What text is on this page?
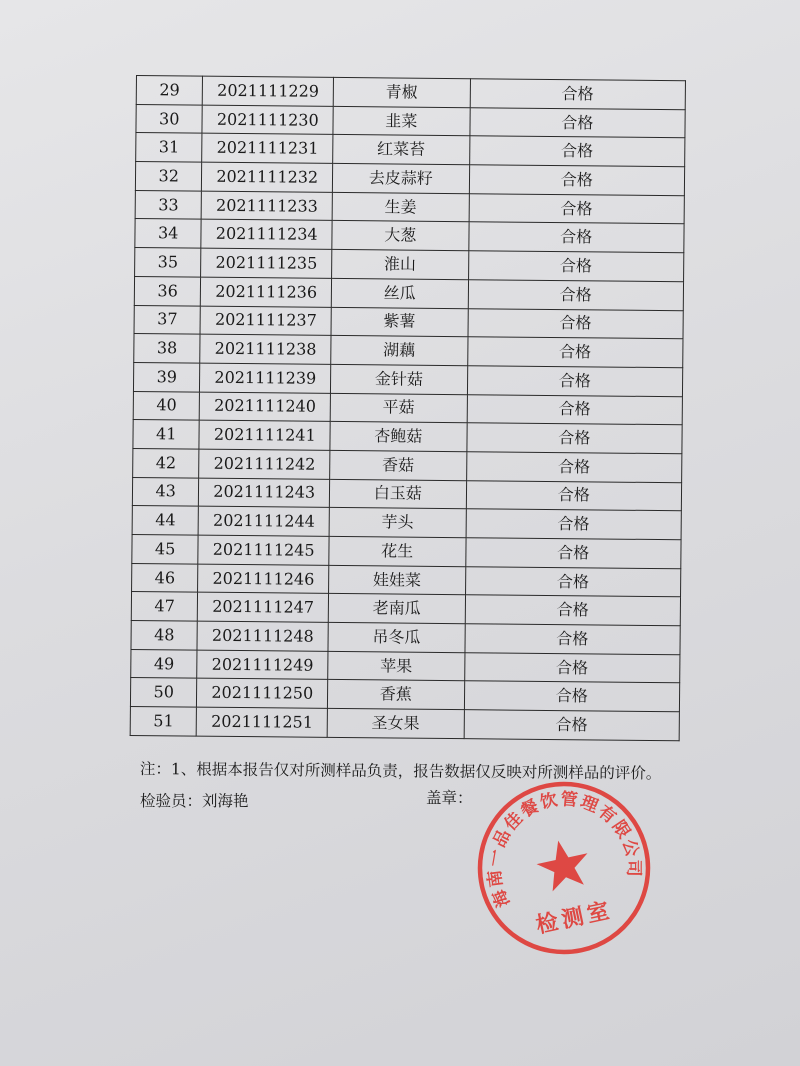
29	2021111229	青椒	合格
30	2021111230	韭菜	合格
31	2021111231	红菜苔	合格
32	2021111232	去皮蒜籽	合格
33	2021111233	生姜	合格
34	2021111234	大葱	合格
35	2021111235	淮山	合格
36	2021111236	丝瓜	合格
37	2021111237	紫薯	合格
38	2021111238	湖藕	合格
39	2021111239	金针菇	合格
40	2021111240	平菇	合格
41	2021111241	杏鲍菇	合格
42	2021111242	香菇	合格
43	2021111243	白玉菇	合格
44	2021111244	芋头	合格
45	2021111245	花生	合格
46	2021111246	娃娃菜	合格
47	2021111247	老南瓜	合格
48	2021111248	吊冬瓜	合格
49	2021111249	苹果	合格
50	2021111250	香蕉	合格
51	2021111251	圣女果	合格
注：1、根据本报告仅对所测样品负责，报告数据仅反映对所测样品的评价。
检验员：刘海艳	盖章：
海南一品佳餐饮管理有限公司
检测室
